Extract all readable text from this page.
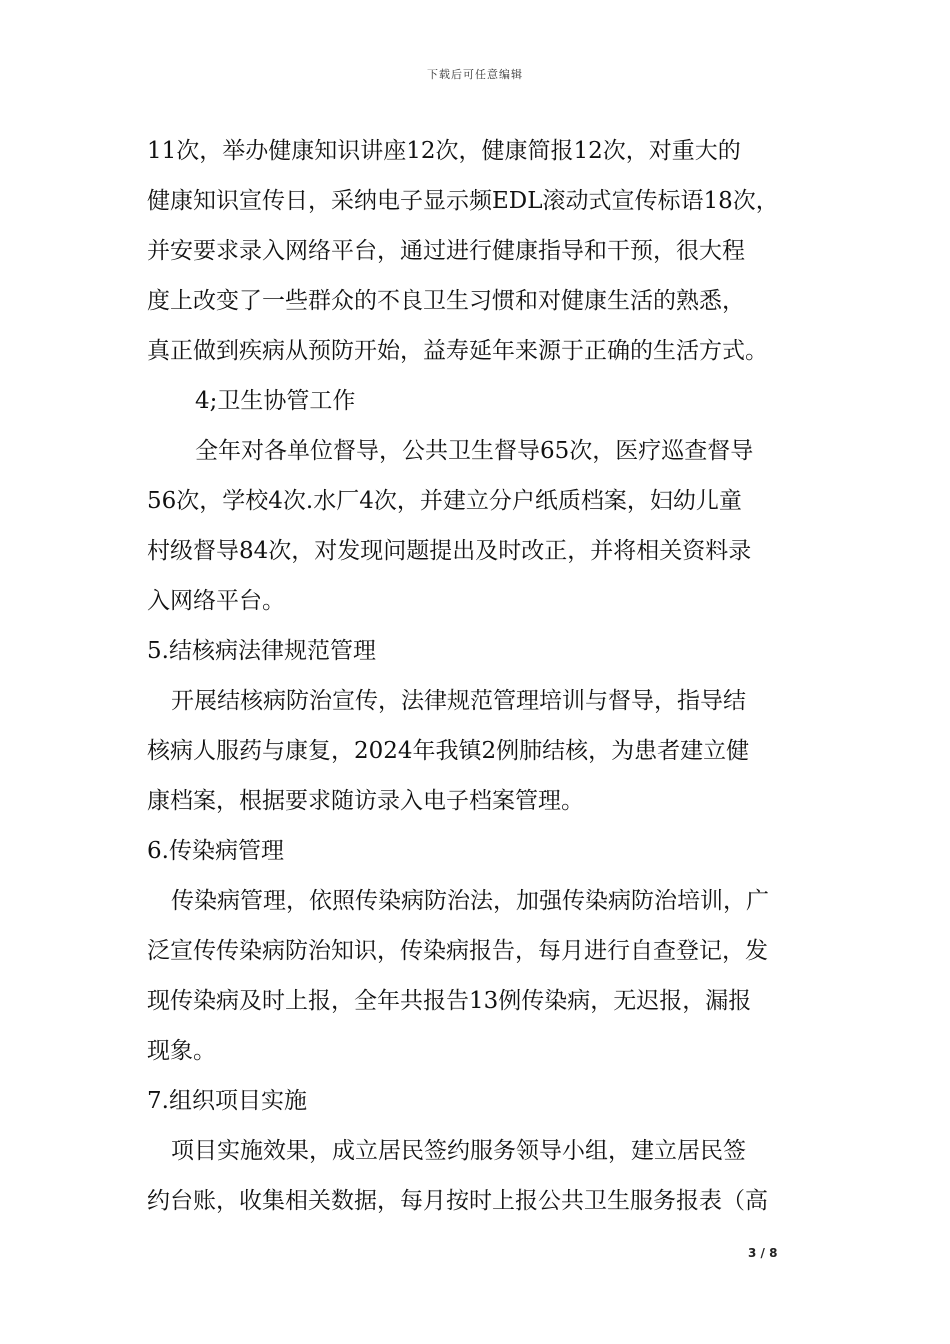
下载后可任意编辑
11次，举办健康知识讲座12次，健康简报12次，对重大的
健康知识宣传日，采纳电子显示频EDL滚动式宣传标语18次，
并安要求录入网络平台，通过进行健康指导和干预，很大程
度上改变了一些群众的不良卫生习惯和对健康生活的熟悉，
真正做到疾病从预防开始，益寿延年来源于正确的生活方式。
4;卫生协管工作
全年对各单位督导，公共卫生督导65次，医疗巡查督导
56次，学校4次.水厂4次，并建立分户纸质档案，妇幼儿童
村级督导84次，对发现问题提出及时改正，并将相关资料录
入网络平台。
5.结核病法律规范管理
开展结核病防治宣传，法律规范管理培训与督导，指导结
核病人服药与康复，2024年我镇2例肺结核，为患者建立健
康档案，根据要求随访录入电子档案管理。
6.传染病管理
传染病管理，依照传染病防治法，加强传染病防治培训，广
泛宣传传染病防治知识，传染病报告，每月进行自查登记，发
现传染病及时上报，全年共报告13例传染病，无迟报，漏报
现象。
7.组织项目实施
项目实施效果，成立居民签约服务领导小组，建立居民签
约台账，收集相关数据，每月按时上报公共卫生服务报表（高
3 / 8
